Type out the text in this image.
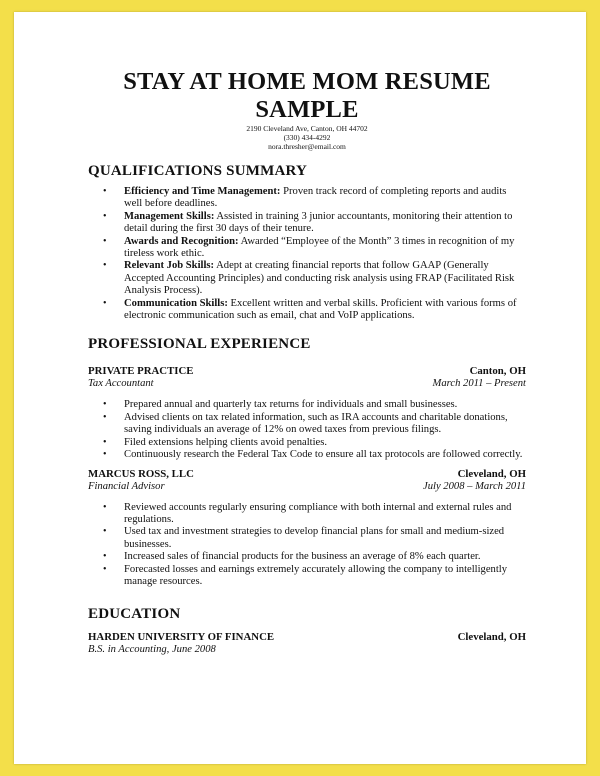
STAY AT HOME MOM RESUME SAMPLE
2190 Cleveland Ave, Canton, OH 44702
(330) 434-4292
nora.thresher@email.com
QUALIFICATIONS SUMMARY
• Efficiency and Time Management: Proven track record of completing reports and audits well before deadlines.
• Management Skills: Assisted in training 3 junior accountants, monitoring their attention to detail during the first 30 days of their tenure.
• Awards and Recognition: Awarded “Employee of the Month” 3 times in recognition of my tireless work ethic.
• Relevant Job Skills: Adept at creating financial reports that follow GAAP (Generally Accepted Accounting Principles) and conducting risk analysis using FRAP (Facilitated Risk Analysis Process).
• Communication Skills: Excellent written and verbal skills. Proficient with various forms of electronic communication such as email, chat and VoIP applications.
PROFESSIONAL EXPERIENCE
PRIVATE PRACTICE	Canton, OH
Tax Accountant	March 2011 – Present
• Prepared annual and quarterly tax returns for individuals and small businesses.
• Advised clients on tax related information, such as IRA accounts and charitable donations, saving individuals an average of 12% on owed taxes from previous filings.
• Filed extensions helping clients avoid penalties.
• Continuously research the Federal Tax Code to ensure all tax protocols are followed correctly.
MARCUS ROSS, LLC	Cleveland, OH
Financial Advisor	July 2008 – March 2011
• Reviewed accounts regularly ensuring compliance with both internal and external rules and regulations.
• Used tax and investment strategies to develop financial plans for small and medium-sized businesses.
• Increased sales of financial products for the business an average of 8% each quarter.
• Forecasted losses and earnings extremely accurately allowing the company to intelligently manage resources.
EDUCATION
HARDEN UNIVERSITY OF FINANCE	Cleveland, OH
B.S. in Accounting, June 2008
